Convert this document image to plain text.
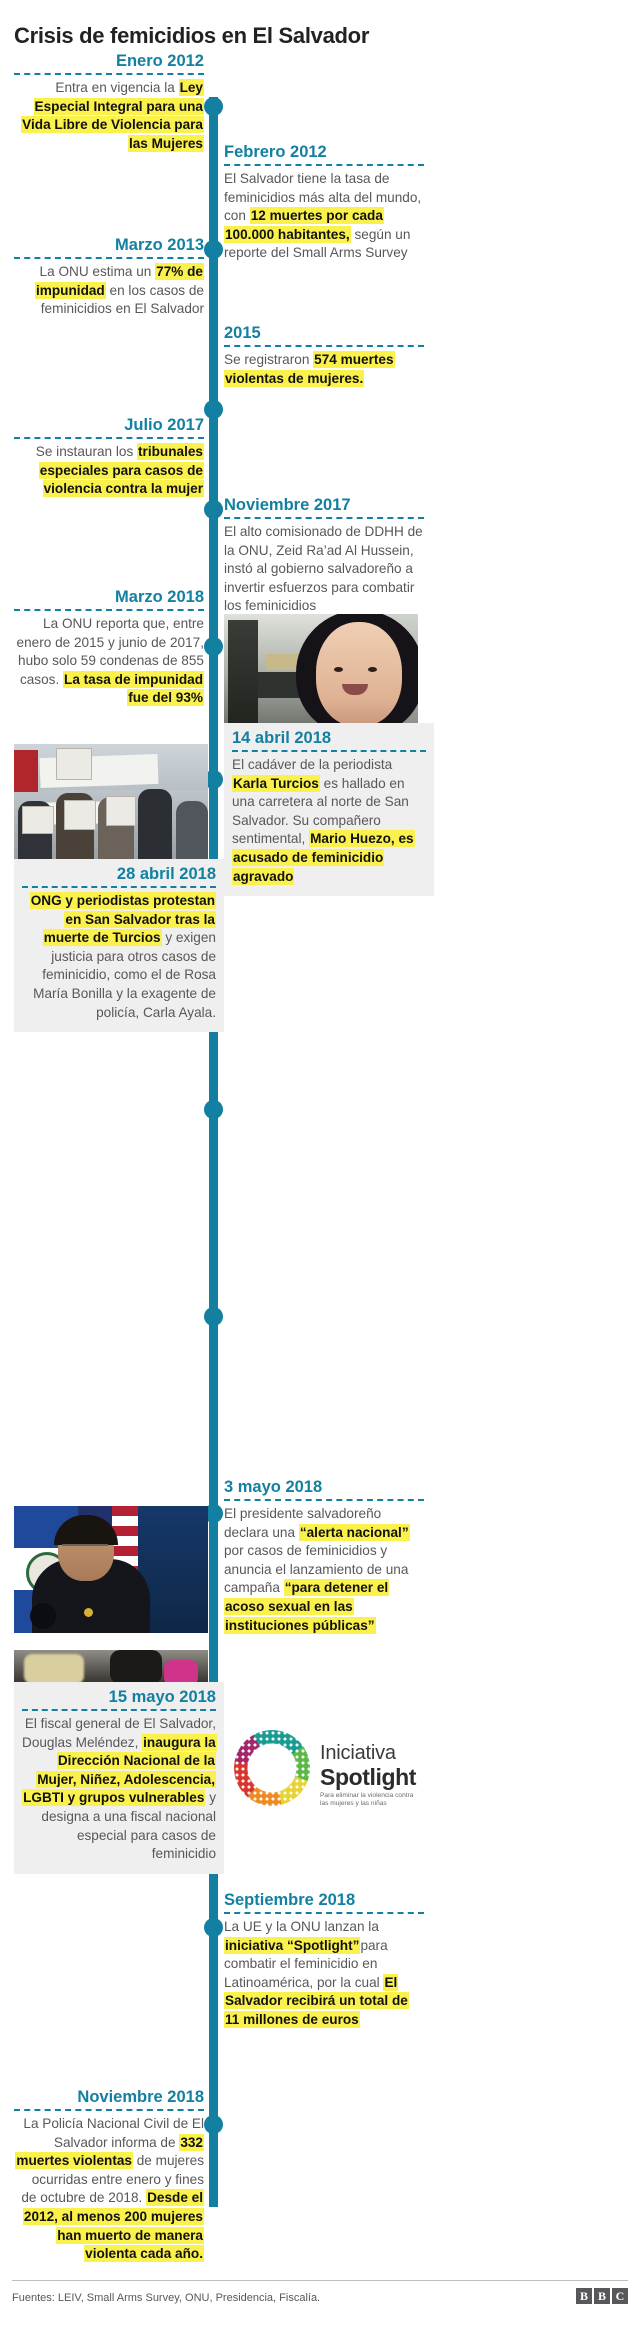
Crisis de femicidios en El Salvador
Enero 2012
Entra en vigencia la Ley Especial Integral para una Vida Libre de Violencia para las Mujeres Febrero 2012
El Salvador tiene la tasa de feminicidios más alta del mundo, con 12 muertes por cada 100.000 habitantes, según un reporte del Small Arms Survey
Marzo 2013
La ONU estima un 77% de impunidad en los casos de feminicidios en El Salvador
2015
Se registraron 574 muertes violentas de mujeres.
Julio 2017
Se instauran los tribunales especiales para casos de violencia contra la mujer
Noviembre 2017
El alto comisionado de DDHH de la ONU, Zeid Ra’ad Al Hussein, instó al gobierno salvadoreño a invertir esfuerzos para combatir los feminicidios
Marzo 2018
La ONU reporta que, entre enero de 2015 y junio de 2017, hubo solo 59 condenas de 855 casos. La tasa de impunidad fue del 93%
14 abril 2018
El cadáver de la periodista Karla Turcios es hallado en una carretera al norte de San Salvador. Su compañero sentimental, Mario Huezo, es acusado de feminicidio agravado
28 abril 2018
ONG y periodistas protestan en San Salvador tras la muerte de Turcios y exigen justicia para otros casos de feminicidio, como el de Rosa María Bonilla y la exagente de policía, Carla Ayala.
3 mayo 2018
El presidente salvadoreño declara una “alerta nacional” por casos de feminicidios y anuncia el lanzamiento de una campaña “para detener el acoso sexual en las instituciones públicas”
15 mayo 2018
El fiscal general de El Salvador, Douglas Meléndez, inaugura la Dirección Nacional de la Mujer, Niñez, Adolescencia, LGBTI y grupos vulnerables y designa a una fiscal nacional especial para casos de feminicidio
Iniciativa
Spotlight
Para eliminar la violencia contra las mujeres y las niñas
Septiembre 2018
La UE y la ONU lanzan la iniciativa “Spotlight”para combatir el feminicidio en Latinoamérica, por la cual El Salvador recibirá un total de 11 millones de euros
Noviembre 2018
La Policía Nacional Civil de El Salvador informa de 332 muertes violentas de mujeres ocurridas entre enero y fines de octubre de 2018. Desde el 2012, al menos 200 mujeres han muerto de manera violenta cada año.
Fuentes: LEIV, Small Arms Survey, ONU, Presidencia, Fiscalía.	B B C
